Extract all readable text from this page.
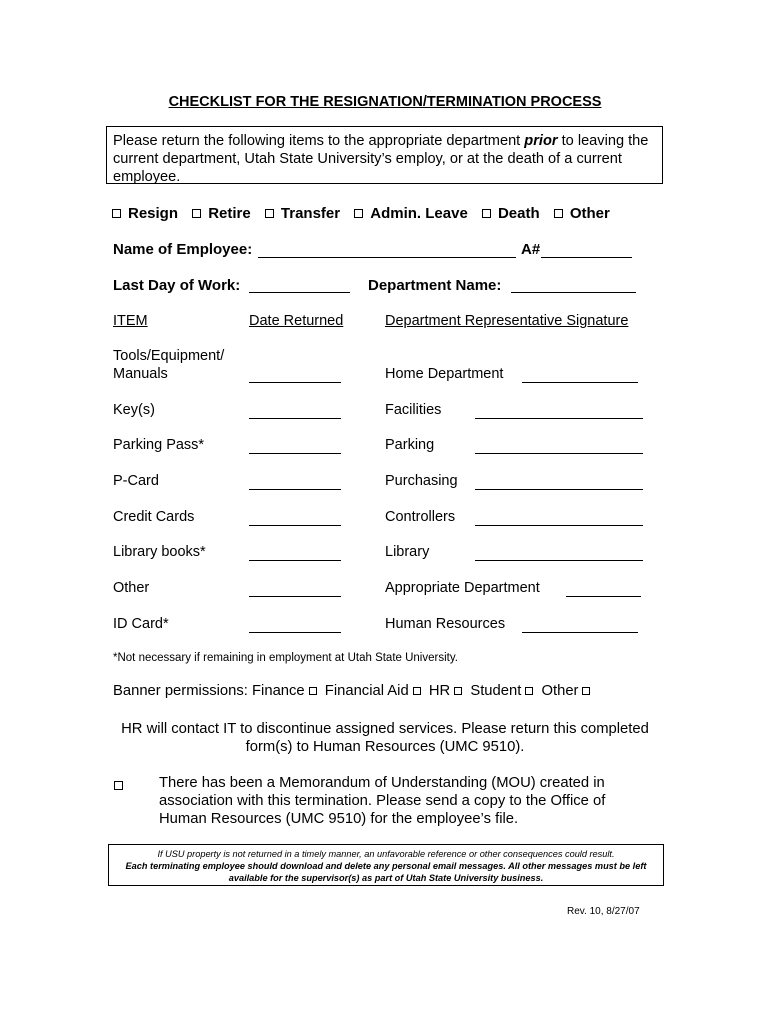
CHECKLIST FOR THE RESIGNATION/TERMINATION PROCESS
Please return the following items to the appropriate department prior to leaving the current department, Utah State University’s employ, or at the death of a current employee.
Resign
Retire
Transfer
Admin. Leave
Death
Other
Name of Employee:	A#
Last Day of Work:	Department Name:
ITEM	Date Returned	Department Representative Signature
Tools/Equipment/
Manuals	Home Department
Key(s)	Facilities
Parking Pass*	Parking
P-Card	Purchasing
Credit Cards	Controllers
Library books*	Library
Other	Appropriate Department
ID Card*	Human Resources
*Not necessary if remaining in employment at Utah State University.
Banner permissions: Finance Financial Aid HR Student Other
HR will contact IT to discontinue assigned services. Please return this completed form(s) to Human Resources (UMC 9510).
There has been a Memorandum of Understanding (MOU) created in association with this termination. Please send a copy to the Office of Human Resources (UMC 9510) for the employee’s file.
If USU property is not returned in a timely manner, an unfavorable reference or other consequences could result.
Each terminating employee should download and delete any personal email messages. All other messages must be left available for the supervisor(s) as part of Utah State University business.
Rev. 10, 8/27/07
